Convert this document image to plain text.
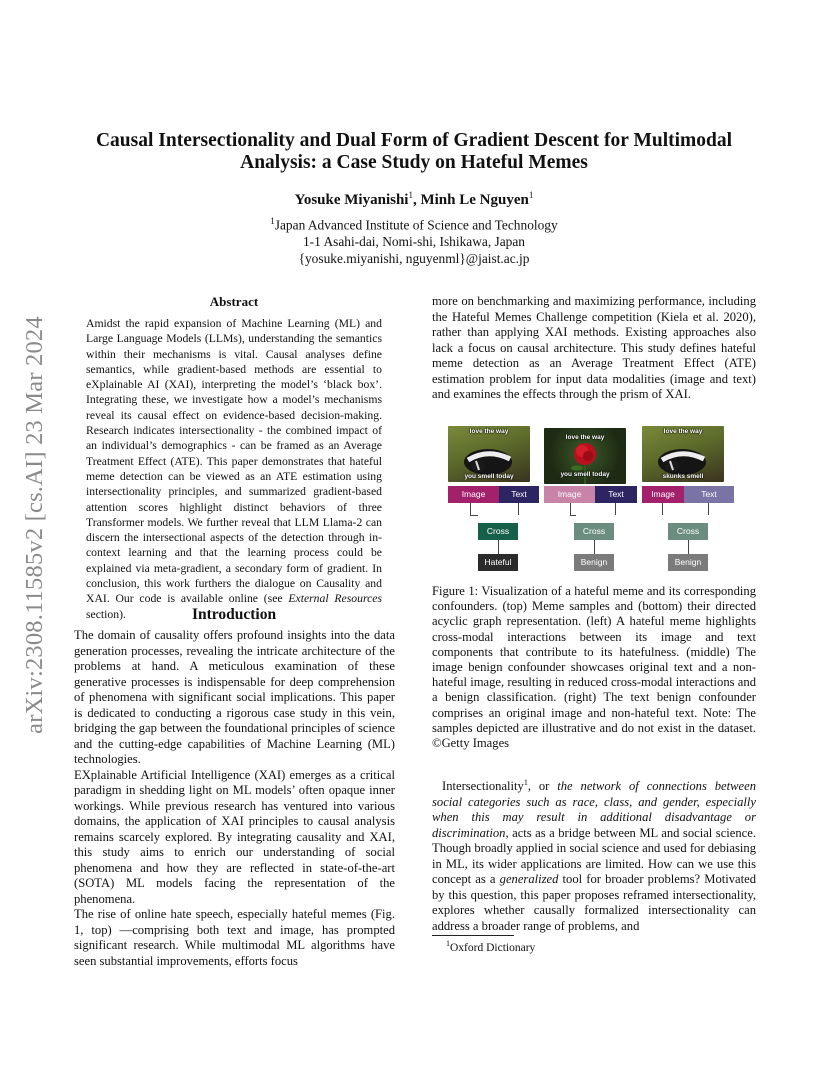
arXiv:2308.11585v2 [cs.AI] 23 Mar 2024
Causal Intersectionality and Dual Form of Gradient Descent for Multimodal
Analysis: a Case Study on Hateful Memes
Yosuke Miyanishi$^1$, Minh Le Nguyen$^1$
$^1$Japan Advanced Institute of Science and Technology
1-1 Asahi-dai, Nomi-shi, Ishikawa, Japan
{yosuke.miyanishi, nguyenml}@jaist.ac.jp
Abstract

Amidst the rapid expansion of Machine Learning (ML) and Large Language Models (LLMs), understanding the semantics within their mechanisms is vital. Causal analyses define semantics, while gradient-based methods are essential to eXplainable AI (XAI), interpreting the model’s ‘black box’. Integrating these, we investigate how a model’s mechanisms reveal its causal effect on evidence-based decision-making. Research indicates intersectionality - the combined impact of an individual’s demographics - can be framed as an Average Treatment Effect (ATE). This paper demonstrates that hateful meme detection can be viewed as an ATE estimation using intersectionality principles, and summarized gradient-based attention scores highlight distinct behaviors of three Transformer models. We further reveal that LLM Llama-2 can discern the intersectional aspects of the detection through in-context learning and that the learning process could be explained via meta-gradient, a secondary form of gradient. In conclusion, this work furthers the dialogue on Causality and XAI. Our code is available online (see External Resources section).	Introduction

The domain of causality offers profound insights into the data generation processes, revealing the intricate architecture of the problems at hand. A meticulous examination of these generative processes is indispensable for deep comprehension of phenomena with significant social implications. This paper is dedicated to conducting a rigorous case study in this vein, bridging the gap between the foundational principles of science and the cutting-edge capabilities of Machine Learning (ML) technologies.

EXplainable Artificial Intelligence (XAI) emerges as a critical paradigm in shedding light on ML models’ often opaque inner workings. While previous research has ventured into various domains, the application of XAI principles to causal analysis remains scarcely explored. By integrating causality and XAI, this study aims to enrich our understanding of social phenomena and how they are reflected in state-of-the-art (SOTA) ML models facing the representation of the phenomena.

The rise of online hate speech, especially hateful memes (Fig. 1, top) —comprising both text and image, has prompted significant research. While multimodal ML algorithms have seen substantial improvements, efforts focus

more on benchmarking and maximizing performance, including the Hateful Memes Challenge competition (Kiela et al. 2020), rather than applying XAI methods. Existing approaches also lack a focus on causal architecture. This study defines hateful meme detection as an Average Treatment Effect (ATE) estimation problem for input data modalities (image and text) and examines the effects through the prism of XAI.

love the way
you smell today
love the way
you smell today
love the way
skunks smell
Image	Text
Cross
Hateful
Image	Text
Cross
Benign
Image	Text
Cross
Benign
Figure 1: Visualization of a hateful meme and its corresponding confounders. (top) Meme samples and (bottom) their directed acyclic graph representation. (left) A hateful meme highlights cross-modal interactions between its image and text components that contribute to its hatefulness. (middle) The image benign confounder showcases original text and a non-hateful image, resulting in reduced cross-modal interactions and a benign classification. (right) The text benign confounder comprises an original image and non-hateful text. Note: The samples depicted are illustrative and do not exist in the dataset. ©Getty Images

Intersectionality$^1$, or the network of connections between social categories such as race, class, and gender, especially when this may result in additional disadvantage or discrimination, acts as a bridge between ML and social science. Though broadly applied in social science and used for debiasing in ML, its wider applications are limited. How can we use this concept as a generalized tool for broader problems? Motivated by this question, this paper proposes reframed intersectionality, explores whether causally formalized intersectionality can address a broader range of problems, and

$^1$Oxford Dictionary
